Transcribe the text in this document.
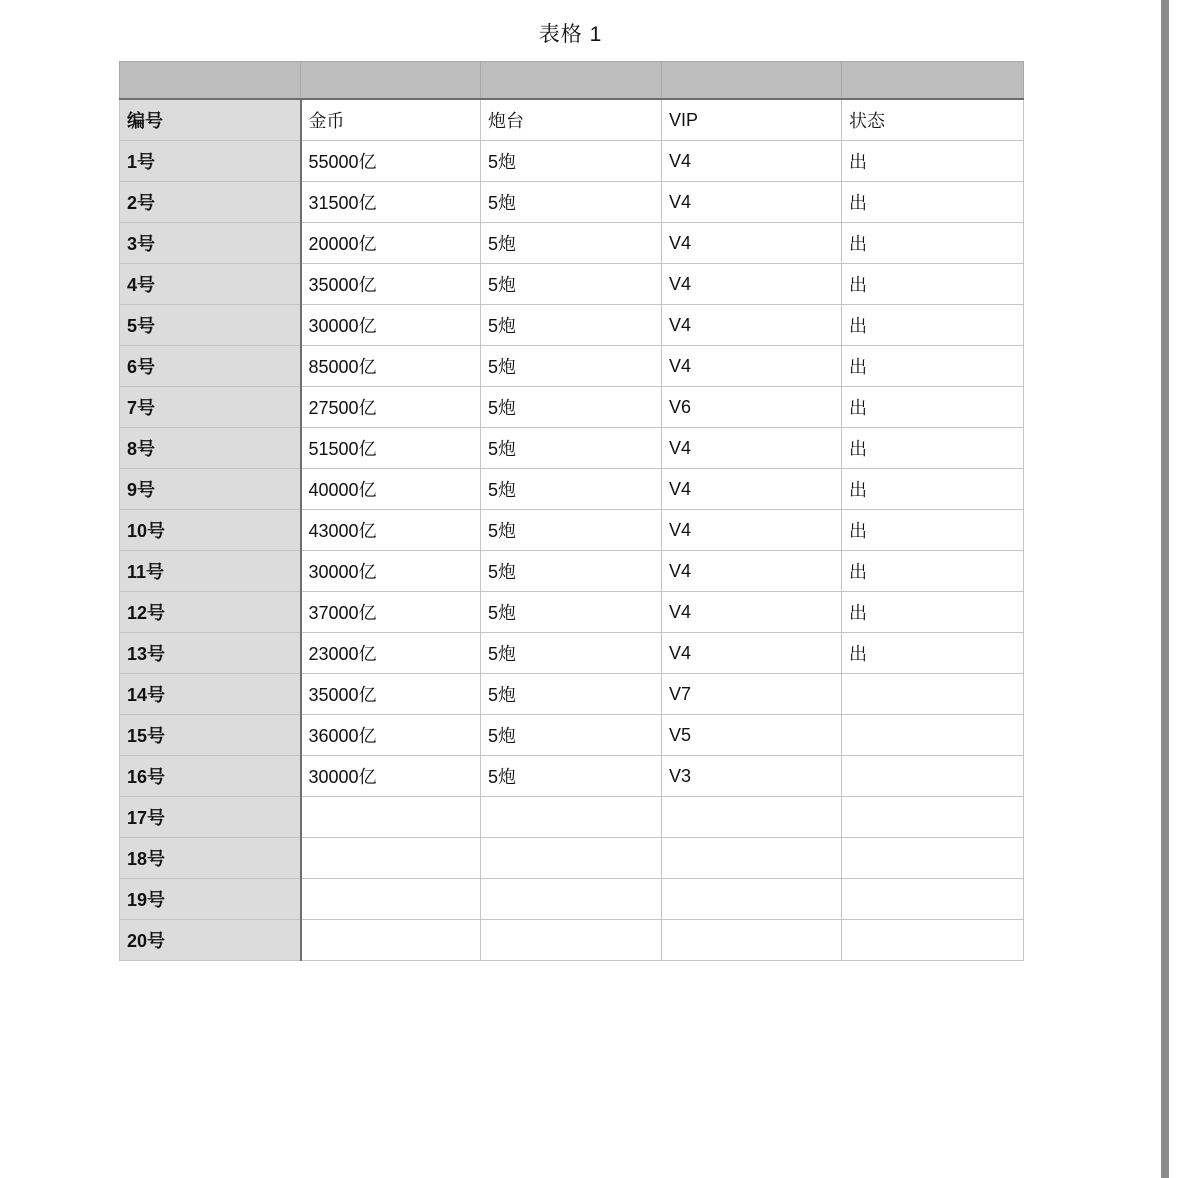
表格 1

编号	金币	炮台	VIP	状态
1号	55000亿	5炮	V4	出
2号	31500亿	5炮	V4	出
3号	20000亿	5炮	V4	出
4号	35000亿	5炮	V4	出
5号	30000亿	5炮	V4	出
6号	85000亿	5炮	V4	出
7号	27500亿	5炮	V6	出
8号	51500亿	5炮	V4	出
9号	40000亿	5炮	V4	出
10号	43000亿	5炮	V4	出
11号	30000亿	5炮	V4	出
12号	37000亿	5炮	V4	出
13号	23000亿	5炮	V4	出
14号	35000亿	5炮	V7	
15号	36000亿	5炮	V5	
16号	30000亿	5炮	V3	
17号				
18号				
19号				
20号				
